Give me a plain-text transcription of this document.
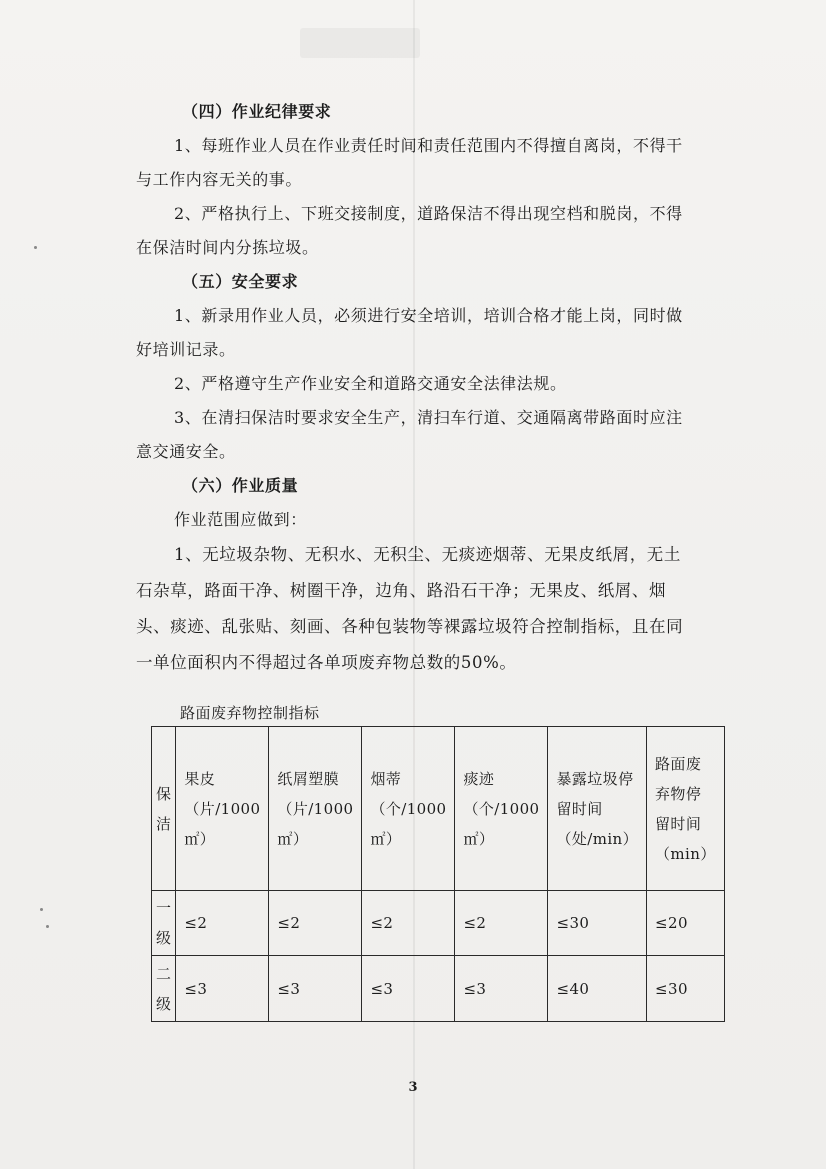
（四）作业纪律要求

1、每班作业人员在作业责任时间和责任范围内不得擅自离岗，不得干与工作内容无关的事。

2、严格执行上、下班交接制度，道路保洁不得出现空档和脱岗，不得在保洁时间内分拣垃圾。

（五）安全要求

1、新录用作业人员，必须进行安全培训，培训合格才能上岗，同时做好培训记录。

2、严格遵守生产作业安全和道路交通安全法律法规。

3、在清扫保洁时要求安全生产，清扫车行道、交通隔离带路面时应注意交通安全。

（六）作业质量

作业范围应做到：

1、无垃圾杂物、无积水、无积尘、无痰迹烟蒂、无果皮纸屑，无土石杂草，路面干净、树圈干净，边角、路沿石干净；无果皮、纸屑、烟头、痰迹、乱张贴、刻画、各种包装物等裸露垃圾符合控制指标，且在同一单位面积内不得超过各单项废弃物总数的50%。

路面废弃物控制指标
保洁	果皮（片/1000㎡）	纸屑塑膜（片/1000㎡）	烟蒂（个/1000㎡）	痰迹（个/1000㎡）	暴露垃圾停留时间（处/min）	路面废弃物停留时间（min）
一级	≤2	≤2	≤2	≤2	≤30	≤20
二级	≤3	≤3	≤3	≤3	≤40	≤30
3
